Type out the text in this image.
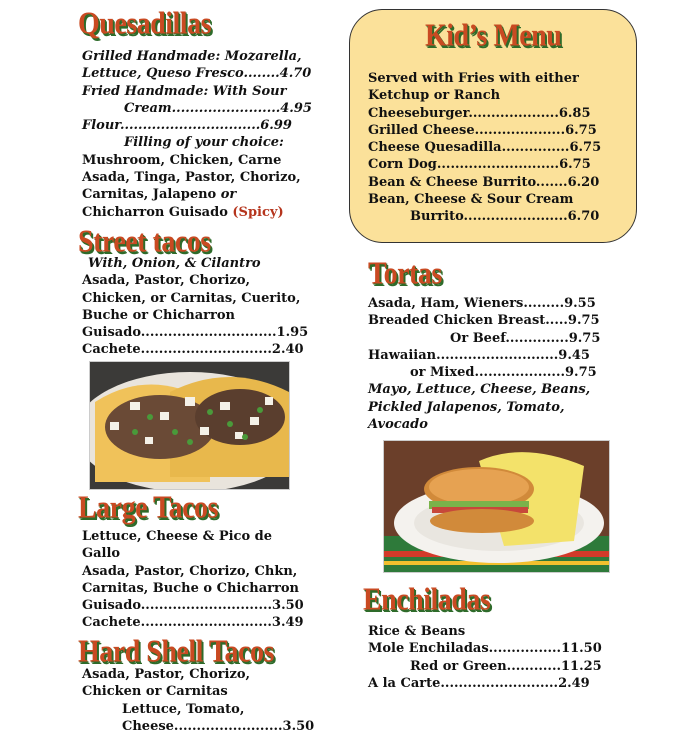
Quesadillas
Grilled Handmade: Mozarella,
Lettuce, Queso Fresco........4.70
Fried Handmade: With Sour
Cream........................4.95
Flour...............................6.99
Filling of your choice:
Mushroom, Chicken, Carne
Asada, Tinga, Pastor, Chorizo,
Carnitas, Jalapeno or
Chicharron Guisado (Spicy)
Street tacos
With, Onion, & Cilantro
Asada, Pastor, Chorizo,
Chicken, or Carnitas, Cuerito,
Buche or Chicharron
Guisado..............................1.95
Cachete.............................2.40
Large Tacos
Lettuce, Cheese & Pico de
Gallo
Asada, Pastor, Chorizo, Chkn,
Carnitas, Buche o Chicharron
Guisado.............................3.50
Cachete.............................3.49
Hard Shell Tacos
Asada, Pastor, Chorizo,
Chicken or Carnitas
Lettuce, Tomato,
Cheese........................3.50
Kid’s Menu
Served with Fries with either
Ketchup or Ranch
Cheeseburger....................6.85
Grilled Cheese....................6.75
Cheese Quesadilla...............6.75
Corn Dog...........................6.75
Bean & Cheese Burrito.......6.20
Bean, Cheese & Sour Cream
Burrito.......................6.70
Tortas
Asada, Ham, Wieners.........9.55
Breaded Chicken Breast.....9.75
Or Beef..............9.75
Hawaiian...........................9.45
or Mixed....................9.75
Mayo, Lettuce, Cheese, Beans,
Pickled Jalapenos, Tomato,
Avocado
Enchiladas
Rice & Beans
Mole Enchiladas................11.50
Red or Green............11.25
A la Carte..........................2.49
